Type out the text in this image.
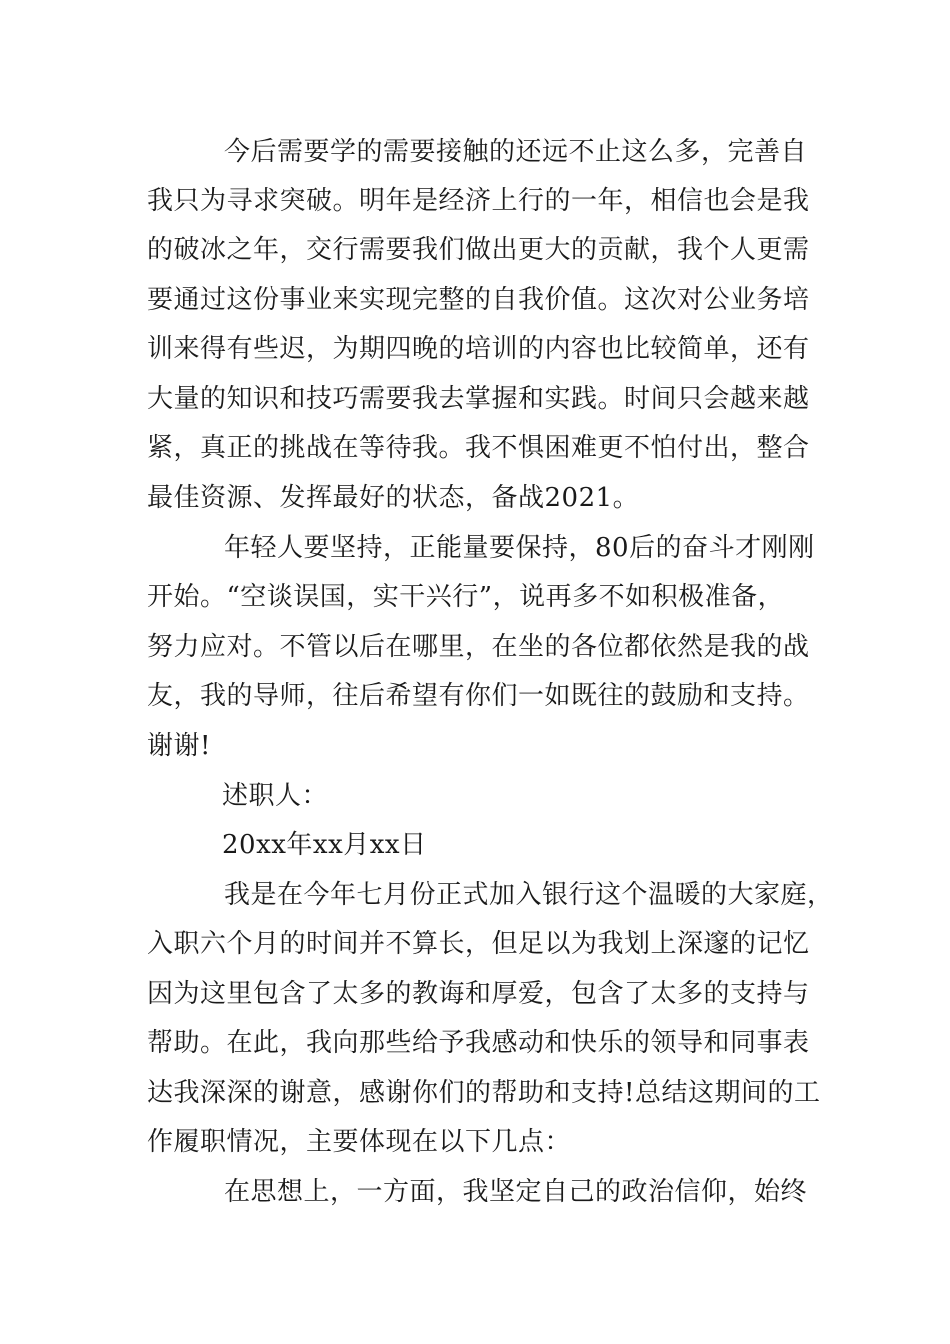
今后需要学的需要接触的还远不止这么多，完善自

我只为寻求突破。明年是经济上行的一年，相信也会是我

的破冰之年，交行需要我们做出更大的贡献，我个人更需

要通过这份事业来实现完整的自我价值。这次对公业务培

训来得有些迟，为期四晚的培训的内容也比较简单，还有

大量的知识和技巧需要我去掌握和实践。时间只会越来越

紧，真正的挑战在等待我。我不惧困难更不怕付出，整合

最佳资源、发挥最好的状态，备战2021。

年轻人要坚持，正能量要保持，80后的奋斗才刚刚

开始。“空谈误国，实干兴行”，说再多不如积极准备，

努力应对。不管以后在哪里，在坐的各位都依然是我的战

友，我的导师，往后希望有你们一如既往的鼓励和支持。

谢谢!

述职人：

20xx年xx月xx日

我是在今年七月份正式加入银行这个温暖的大家庭，

入职六个月的时间并不算长，但足以为我划上深邃的记忆

因为这里包含了太多的教诲和厚爱，包含了太多的支持与

帮助。在此，我向那些给予我感动和快乐的领导和同事表

达我深深的谢意，感谢你们的帮助和支持!总结这期间的工

作履职情况，主要体现在以下几点：

在思想上，一方面，我坚定自己的政治信仰，始终
